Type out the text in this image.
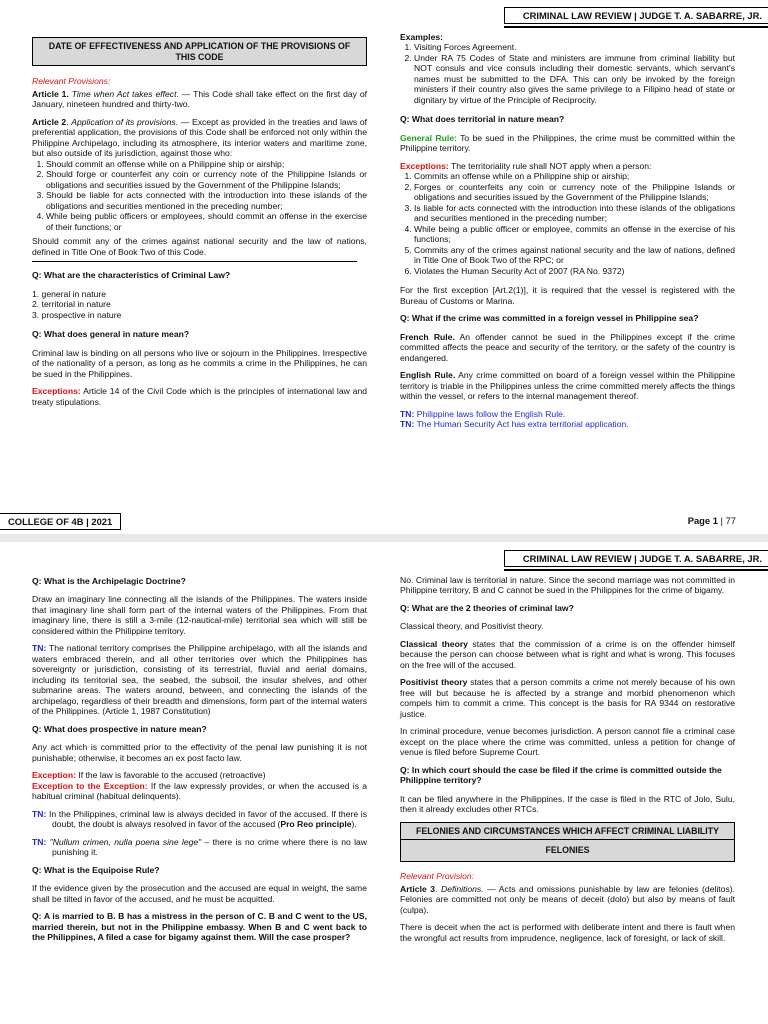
CRIMINAL LAW REVIEW | JUDGE T. A. SABARRE, JR.
DATE OF EFFECTIVENESS AND APPLICATION OF THE PROVISIONS OF THIS CODE
Relevant Provisions:

Article 1. Time when Act takes effect. — This Code shall take effect on the first day of January, nineteen hundred and thirty-two.

Article 2. Application of its provisions. — Except as provided in the treaties and laws of preferential application, the provisions of this Code shall be enforced not only within the Philippine Archipelago, including its atmosphere, its interior waters and maritime zone, but also outside of its jurisdiction, against those who:

1. Should commit an offense while on a Philippine ship or airship;
2. Should forge or counterfeit any coin or currency note of the Philippine Islands or obligations and securities issued by the Government of the Philippine Islands;
3. Should be liable for acts connected with the introduction into these islands of the obligations and securities mentioned in the preceding number;
4. While being public officers or employees, should commit an offense in the exercise of their functions; or
Should commit any of the crimes against national security and the law of nations, defined in Title One of Book Two of this Code.
Q: What are the characteristics of Criminal Law?
1. general in nature
2. territorial in nature
3. prospective in nature
Q: What does general in nature mean?

Criminal law is binding on all persons who live or sojourn in the Philippines. Irrespective of the nationality of a person, as long as he commits a crime in the Philippines, he can be sued in the Philippines.

Exceptions: Article 14 of the Civil Code which is the principles of international law and treaty stipulations.

Examples:
1. Visiting Forces Agreement.
2. Under RA 75 Codes of State and ministers are immune from criminal liability but NOT consuls and vice consuls including their domestic servants, which servant's names must be submitted to the DFA. This can only be invoked by the foreign ministers if their country also gives the same privilege to a Filipino head of state or dignitary by virtue of the Principle of Reciprocity.
Q: What does territorial in nature mean?

General Rule: To be sued in the Philippines, the crime must be committed within the Philippine territory.

Exceptions: The territoriality rule shall NOT apply when a person:
1. Commits an offense while on a Philippine ship or airship;
2. Forges or counterfeits any coin or currency note of the Philippine Islands or obligations and securities issued by the Government of the Philippine Islands;
3. Is liable for acts connected with the introduction into these islands of the obligations and securities mentioned in the preceding number;
4. While being a public officer or employee, commits an offense in the exercise of his functions;
5. Commits any of the crimes against national security and the law of nations, defined in Title One of Book Two of the RPC; or
6. Violates the Human Security Act of 2007 (RA No. 9372)

For the first exception [Art.2(1)], it is required that the vessel is registered with the Bureau of Customs or Marina.

Q: What if the crime was committed in a foreign vessel in Philippine sea?

French Rule. An offender cannot be sued in the Philippines except if the crime committed affects the peace and security of the territory, or the safety of the country is endangered.

English Rule. Any crime committed on board of a foreign vessel within the Philippine territory is triable in the Philippines unless the crime committed merely affects the things within the vessel, or refers to the internal management thereof.

TN: Philippine laws follow the English Rule.
TN: The Human Security Act has extra territorial application.
COLLEGE OF 4B | 2021	Page 1 | 77
CRIMINAL LAW REVIEW | JUDGE T. A. SABARRE, JR.
Q: What is the Archipelagic Doctrine?

Draw an imaginary line connecting all the islands of the Philippines. The waters inside that imaginary line shall form part of the internal waters of the Philippines. From that imaginary line, there is still a 3-mile (12-nautical-mile) territorial sea which will still be considered within the Philippine territory.

TN: The national territory comprises the Philippine archipelago, with all the islands and waters embraced therein, and all other territories over which the Philippines has sovereignty or jurisdiction, consisting of its terrestrial, fluvial and aerial domains, including its territorial sea, the seabed, the subsoil, the insular shelves, and other submarine areas. The waters around, between, and connecting the islands of the archipelago, regardless of their breadth and dimensions, form part of the internal waters of the Philippines. (Article 1, 1987 Constitution)

Q: What does prospective in nature mean?

Any act which is committed prior to the effectivity of the penal law punishing it is not punishable; otherwise, it becomes an ex post facto law.

Exception: If the law is favorable to the accused (retroactive)

Exception to the Exception: If the law expressly provides, or when the accused is a habitual criminal (habitual delinquents).

TN: In the Philippines, criminal law is always decided in favor of the accused. If there is doubt, the doubt is always resolved in favor of the accused (Pro Reo principle).

TN: "Nullum crimen, nulla poena sine lege" – there is no crime where there is no law punishing it.

Q: What is the Equipoise Rule?

If the evidence given by the prosecution and the accused are equal in weight, the same shall be tilted in favor of the accused, and he must be acquitted.

Q: A is married to B. B has a mistress in the person of C. B and C went to the US, married therein, but not in the Philippine embassy. When B and C went back to the Philippines, A filed a case for bigamy against them. Will the case prosper?

No. Criminal law is territorial in nature. Since the second marriage was not committed in Philippine territory, B and C cannot be sued in the Philippines for the crime of bigamy.

Q: What are the 2 theories of criminal law?

Classical theory, and Positivist theory.

Classical theory states that the commission of a crime is on the offender himself because the person can choose between what is right and what is wrong. This focuses on the free will of the accused.

Positivist theory states that a person commits a crime not merely because of his own free will but because he is affected by a strange and morbid phenomenon which compels him to commit a crime. This concept is the basis for RA 9344 on restorative justice.

In criminal procedure, venue becomes jurisdiction. A person cannot file a criminal case except on the place where the crime was committed, unless a petition for change of venue is filed before Supreme Court.

Q: In which court should the case be filed if the crime is committed outside the Philippine territory?

It can be filed anywhere in the Philippines. If the case is filed in the RTC of Jolo, Sulu, then it already excludes other RTCs.

FELONIES AND CIRCUMSTANCES WHICH AFFECT CRIMINAL LIABILITY
FELONIES
Relevant Provision:

Article 3. Definitions. — Acts and omissions punishable by law are felonies (delitos). Felonies are committed not only be means of deceit (dolo) but also by means of fault (culpa).

There is deceit when the act is performed with deliberate intent and there is fault when the wrongful act results from imprudence, negligence, lack of foresight, or lack of skill.
